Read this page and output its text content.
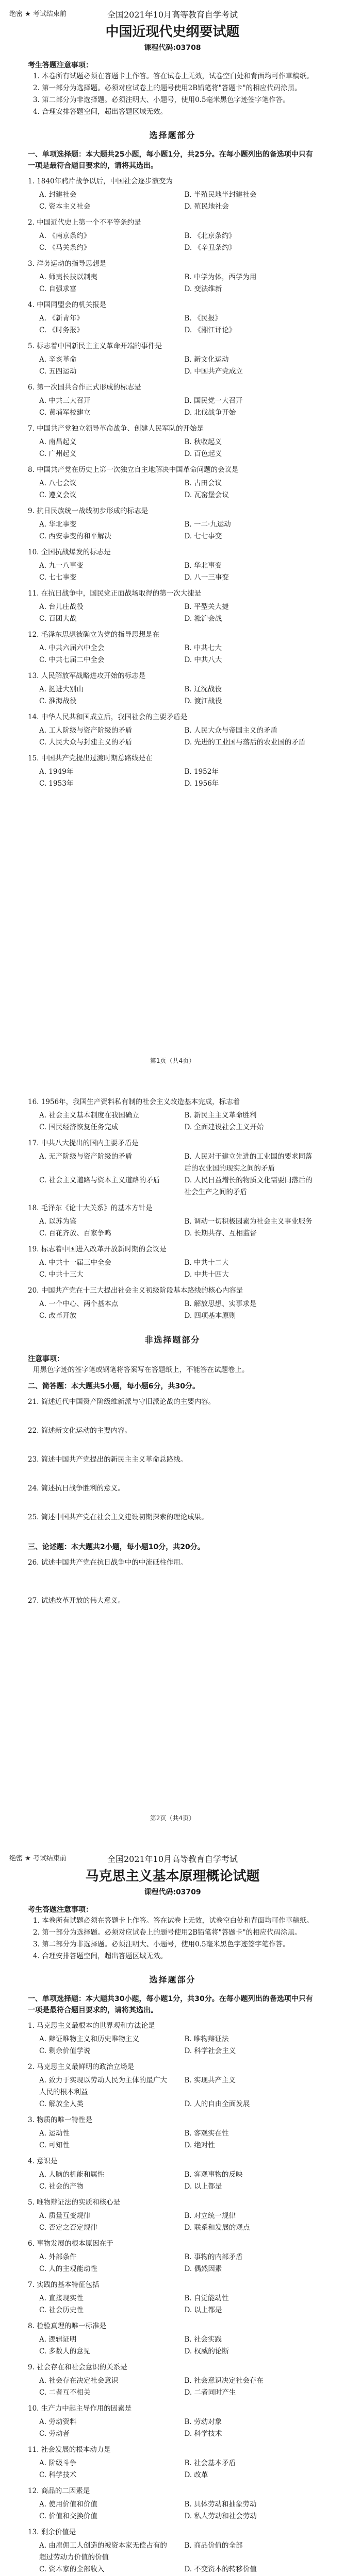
绝密 ★ 考试结束前	全国2021年10月高等教育自学考试

中国近现代史纲要试题
课程代码:03708
考生答题注意事项：
1. 本卷所有试题必须在答题卡上作答。答在试卷上无效，试卷空白处和背面均可作草稿纸。
2. 第一部分为选择题。必须对应试卷上的题号使用2B铅笔将"答题卡"的相应代码涂黑。
3. 第二部分为非选择题。必须注明大、小题号，使用0.5毫米黑色字迹签字笔作答。
4. 合理安排答题空间，超出答题区域无效。
选择题部分
一、单项选择题：本大题共25小题，每小题1分，共25分。在每小题列出的备选项中只有一项是最符合题目要求的，请将其选出。
1. 1840年鸦片战争以后，中国社会逐步演变为
A. 封建社会	B. 半殖民地半封建社会
C. 资本主义社会	D. 殖民地社会
2. 中国近代史上第一个不平等条约是
A. 《南京条约》	B. 《北京条约》
C. 《马关条约》	D. 《辛丑条约》
3. 洋务运动的指导思想是
A. 师夷长技以制夷	B. 中学为体，西学为用
C. 自强求富	D. 变法维新
4. 中国同盟会的机关报是
A. 《新青年》	B. 《民报》
C. 《时务报》	D. 《湘江评论》
5. 标志着中国新民主主义革命开端的事件是
A. 辛亥革命	B. 新文化运动
C. 五四运动	D. 中国共产党成立
6. 第一次国共合作正式形成的标志是
A. 中共三大召开	B. 国民党一大召开
C. 黄埔军校建立	D. 北伐战争开始
7. 中国共产党独立领导革命战争、创建人民军队的开始是
A. 南昌起义	B. 秋收起义
C. 广州起义	D. 百色起义
8. 中国共产党在历史上第一次独立自主地解决中国革命问题的会议是
A. 八七会议	B. 古田会议
C. 遵义会议	D. 瓦窑堡会议
9. 抗日民族统一战线初步形成的标志是
A. 华北事变	B. 一二·九运动
C. 西安事变的和平解决	D. 七七事变
10. 全国抗战爆发的标志是
A. 九一八事变	B. 华北事变
C. 七七事变	D. 八一三事变
11. 在抗日战争中，国民党正面战场取得的第一次大捷是
A. 台儿庄战役	B. 平型关大捷
C. 百团大战	D. 淞沪会战
12. 毛泽东思想被确立为党的指导思想是在
A. 中共六届六中全会	B. 中共七大
C. 中共七届二中全会	D. 中共八大
13. 人民解放军战略进攻开始的标志是
A. 挺进大别山	B. 辽沈战役
C. 淮海战役	D. 渡江战役
14. 中华人民共和国成立后，我国社会的主要矛盾是
A. 工人阶级与资产阶级的矛盾	B. 人民大众与帝国主义的矛盾
C. 人民大众与封建主义的矛盾	D. 先进的工业国与落后的农业国的矛盾
15. 中国共产党提出过渡时期总路线是在
A. 1949年	B. 1952年
C. 1953年	D. 1956年
第1页（共4页）
16. 1956年，我国生产资料私有制的社会主义改造基本完成，标志着
A. 社会主义基本制度在我国确立	B. 新民主主义革命胜利
C. 国民经济恢复任务完成	D. 全面建设社会主义开始
17. 中共八大提出的国内主要矛盾是
A. 无产阶级与资产阶级的矛盾	B. 人民对于建立先进的工业国的要求同落后的农业国的现实之间的矛盾
C. 社会主义道路与资本主义道路的矛盾	D. 人民日益增长的物质文化需要同落后的社会生产之间的矛盾
18. 毛泽东《论十大关系》的基本方针是
A. 以苏为鉴	B. 调动一切积极因素为社会主义事业服务
C. 百花齐放、百家争鸣	D. 长期共存、互相监督
19. 标志着中国进入改革开放新时期的会议是
A. 中共十一届三中全会	B. 中共十二大
C. 中共十三大	D. 中共十四大
20. 中国共产党在十三大提出社会主义初级阶段基本路线的核心内容是
A. 一个中心、两个基本点	B. 解放思想、实事求是
C. 改革开放	D. 四项基本原则
非选择题部分
注意事项：
用黑色字迹的签字笔或钢笔将答案写在答题纸上，不能答在试题卷上。
二、简答题：本大题共5小题，每小题6分，共30分。
21. 简述近代中国资产阶级维新派与守旧派论战的主要内容。
22. 简述新文化运动的主要内容。
23. 简述中国共产党提出的新民主主义革命总路线。
24. 简述抗日战争胜利的意义。
25. 简述中国共产党在社会主义建设初期探索的理论成果。
三、论述题：本大题共2小题，每小题10分，共20分。
26. 试述中国共产党在抗日战争中的中流砥柱作用。
27. 试述改革开放的伟大意义。
第2页（共4页）
绝密 ★ 考试结束前	全国2021年10月高等教育自学考试

马克思主义基本原理概论试题
课程代码:03709
考生答题注意事项：
1. 本卷所有试题必须在答题卡上作答。答在试卷上无效，试卷空白处和背面均可作草稿纸。
2. 第一部分为选择题。必须对应试卷上的题号使用2B铅笔将"答题卡"的相应代码涂黑。
3. 第二部分为非选择题。必须注明大、小题号，使用0.5毫米黑色字迹签字笔作答。
4. 合理安排答题空间，超出答题区域无效。
选择题部分
一、单项选择题：本大题共30小题，每小题1分，共30分。在每小题列出的备选项中只有一项是最符合题目要求的，请将其选出。
1. 马克思主义最根本的世界观和方法论是
A. 辩证唯物主义和历史唯物主义	B. 唯物辩证法
C. 剩余价值学说	D. 科学社会主义
2. 马克思主义最鲜明的政治立场是
A. 致力于实现以劳动人民为主体的最广大人民的根本利益
B. 实现共产主义
C. 解放全人类	D. 人的自由全面发展
3. 物质的唯一特性是
A. 运动性	B. 客观实在性
C. 可知性	D. 绝对性
4. 意识是
A. 人脑的机能和属性	B. 客观事物的反映
C. 社会的产物	D. 以上都是
5. 唯物辩证法的实质和核心是
A. 质量互变规律	B. 对立统一规律
C. 否定之否定规律	D. 联系和发展的观点
6. 事物发展的根本原因在于
A. 外部条件	B. 事物的内部矛盾
C. 人的主观能动性	D. 偶然因素
7. 实践的基本特征包括
A. 直接现实性	B. 自觉能动性
C. 社会历史性	D. 以上都是
8. 检验真理的唯一标准是
A. 逻辑证明	B. 社会实践
C. 多数人的意见	D. 权威的论断
9. 社会存在和社会意识的关系是
A. 社会存在决定社会意识	B. 社会意识决定社会存在
C. 二者互不相关	D. 二者同时产生
10. 生产力中起主导作用的因素是
A. 劳动资料	B. 劳动对象
C. 劳动者	D. 科学技术
11. 社会发展的根本动力是
A. 阶级斗争	B. 社会基本矛盾
C. 科学技术	D. 改革
12. 商品的二因素是
A. 使用价值和价值	B. 具体劳动和抽象劳动
C. 价值和交换价值	D. 私人劳动和社会劳动
13. 剩余价值是
A. 由雇佣工人创造的被资本家无偿占有的超过劳动力价值的价值
B. 商品价值的全部
C. 资本家的全部收入	D. 不变资本的转移价值
